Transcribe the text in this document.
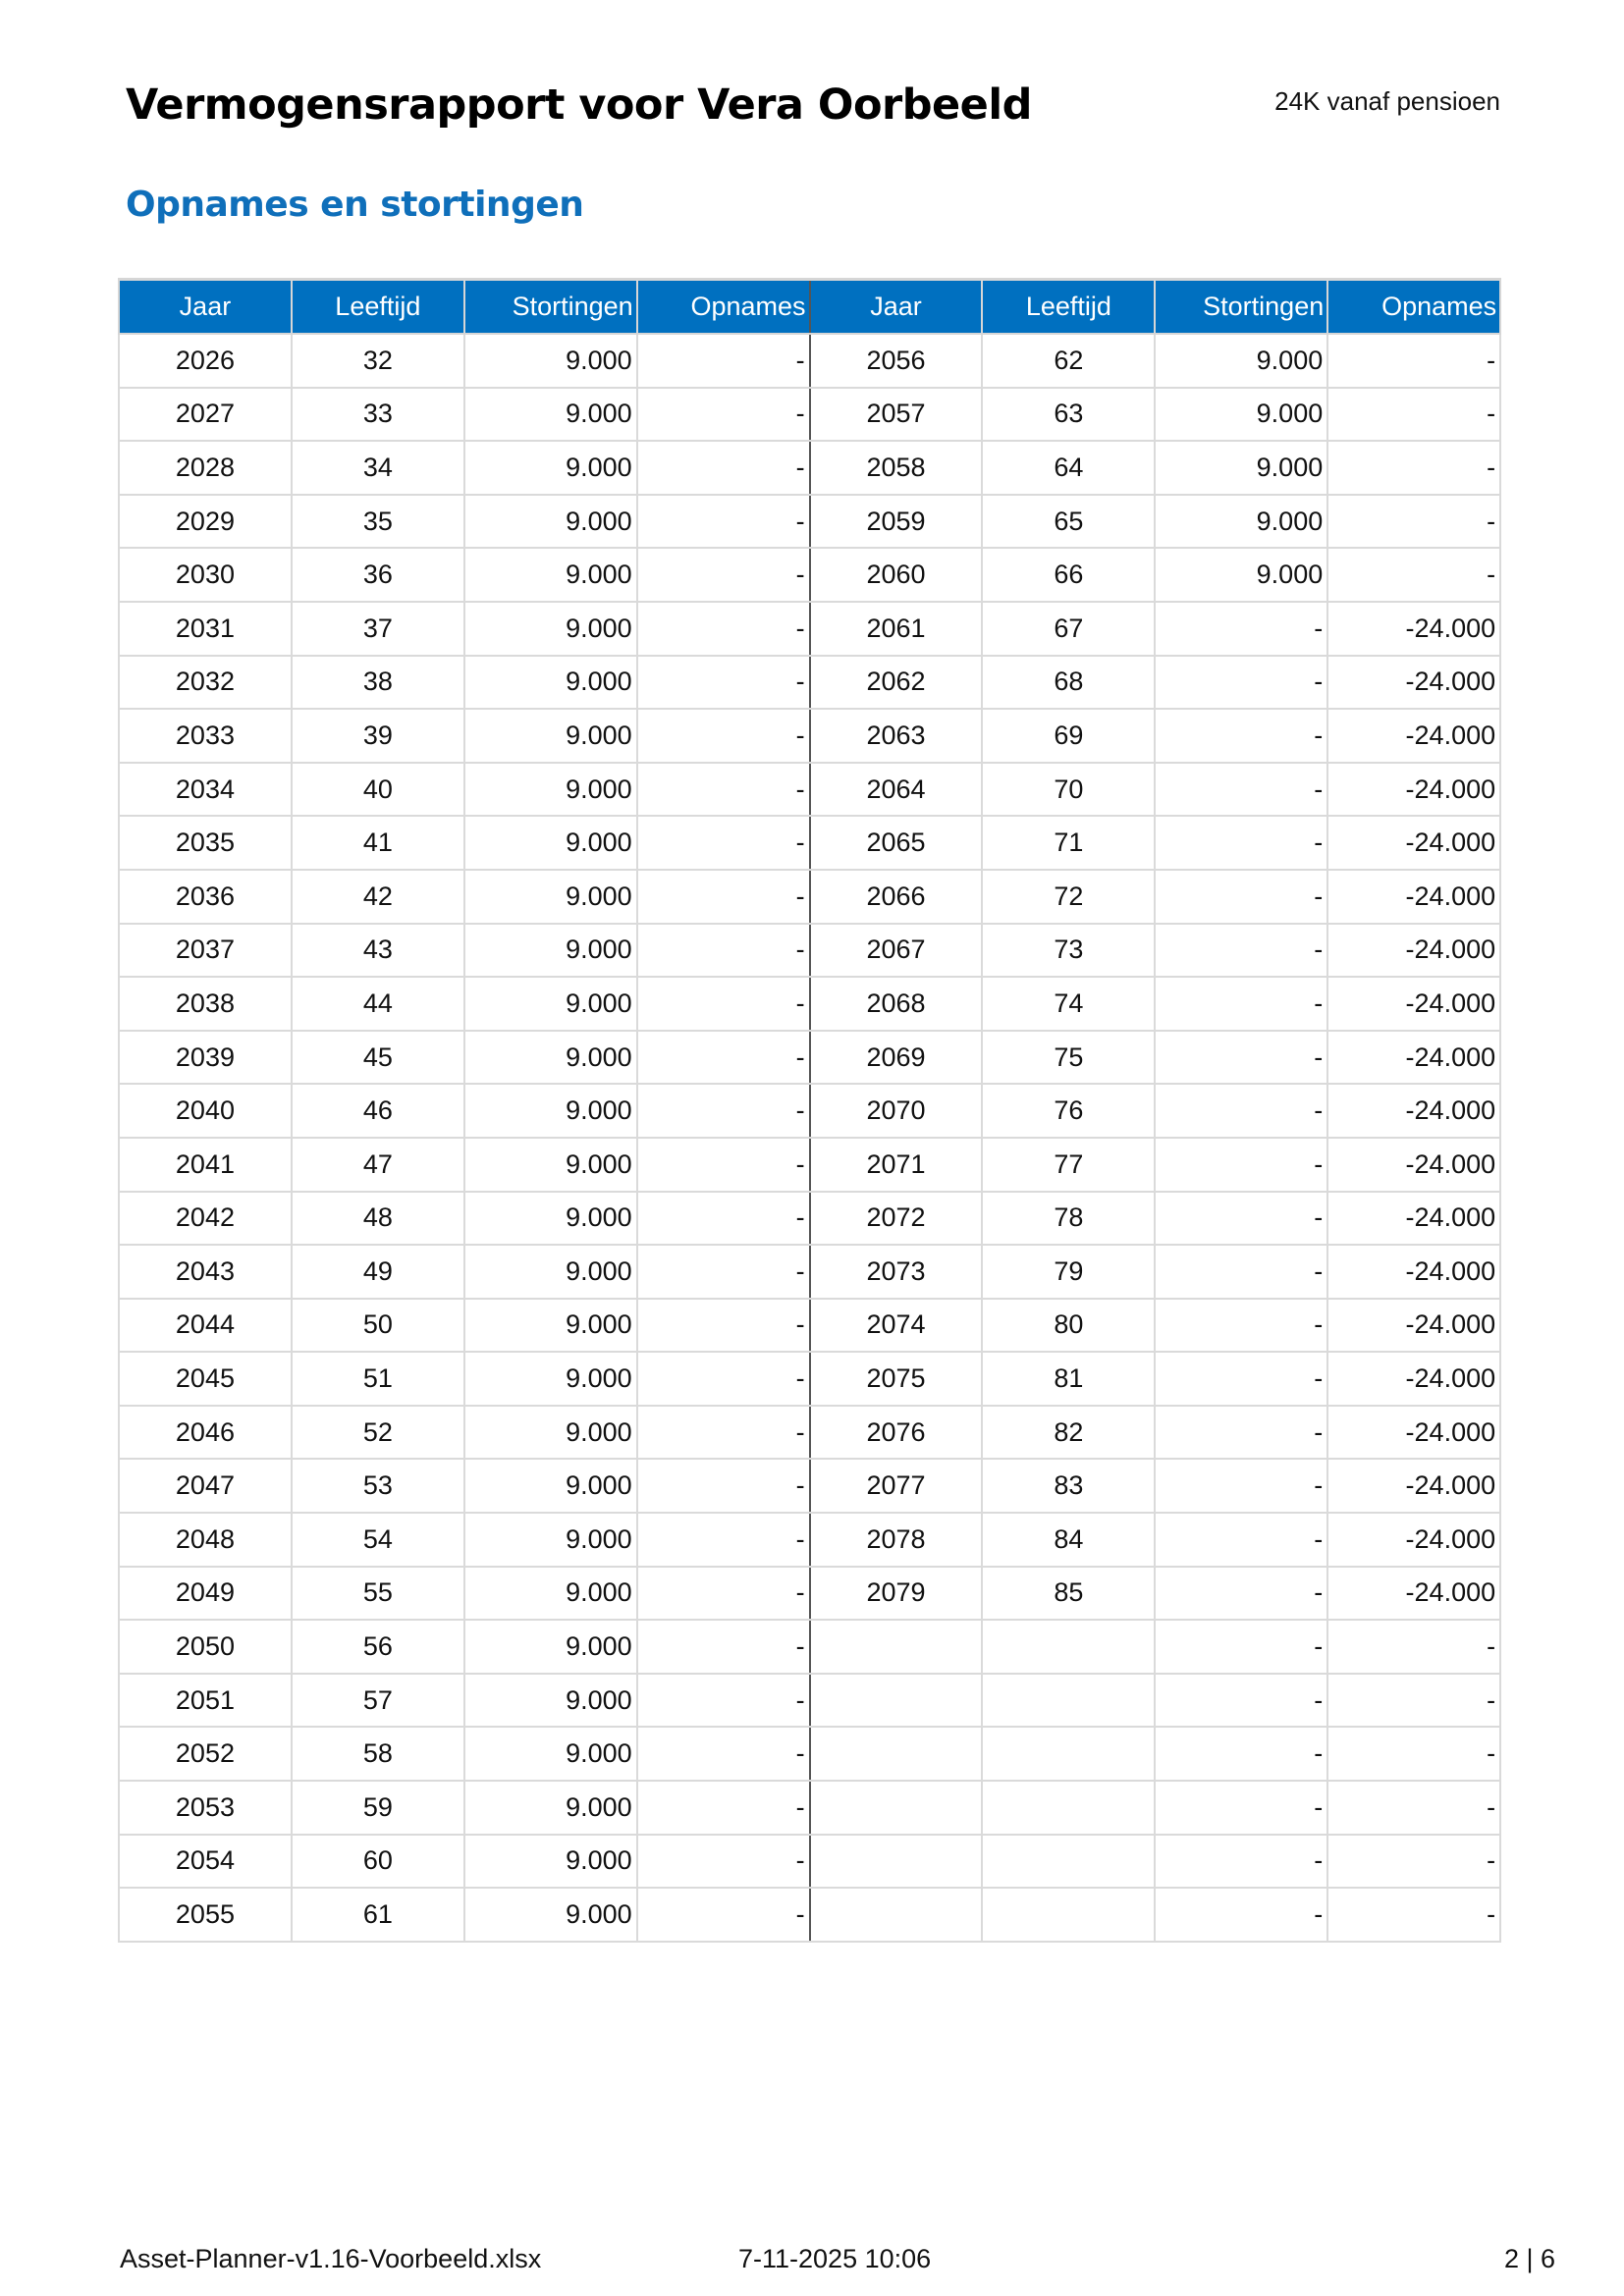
Vermogensrapport voor Vera Oorbeeld	24K vanaf pensioen
Opnames en stortingen
Jaar	Leeftijd	Stortingen	Opnames	Jaar	Leeftijd	Stortingen	Opnames
2026	32	9.000	-	2056	62	9.000	-
2027	33	9.000	-	2057	63	9.000	-
2028	34	9.000	-	2058	64	9.000	-
2029	35	9.000	-	2059	65	9.000	-
2030	36	9.000	-	2060	66	9.000	-
2031	37	9.000	-	2061	67	-	-24.000
2032	38	9.000	-	2062	68	-	-24.000
2033	39	9.000	-	2063	69	-	-24.000
2034	40	9.000	-	2064	70	-	-24.000
2035	41	9.000	-	2065	71	-	-24.000
2036	42	9.000	-	2066	72	-	-24.000
2037	43	9.000	-	2067	73	-	-24.000
2038	44	9.000	-	2068	74	-	-24.000
2039	45	9.000	-	2069	75	-	-24.000
2040	46	9.000	-	2070	76	-	-24.000
2041	47	9.000	-	2071	77	-	-24.000
2042	48	9.000	-	2072	78	-	-24.000
2043	49	9.000	-	2073	79	-	-24.000
2044	50	9.000	-	2074	80	-	-24.000
2045	51	9.000	-	2075	81	-	-24.000
2046	52	9.000	-	2076	82	-	-24.000
2047	53	9.000	-	2077	83	-	-24.000
2048	54	9.000	-	2078	84	-	-24.000
2049	55	9.000	-	2079	85	-	-24.000
2050	56	9.000	-			-	-
2051	57	9.000	-			-	-
2052	58	9.000	-			-	-
2053	59	9.000	-			-	-
2054	60	9.000	-			-	-
2055	61	9.000	-			-	-
Asset-Planner-v1.16-Voorbeeld.xlsx	7-11-2025 10:06	2 | 6
